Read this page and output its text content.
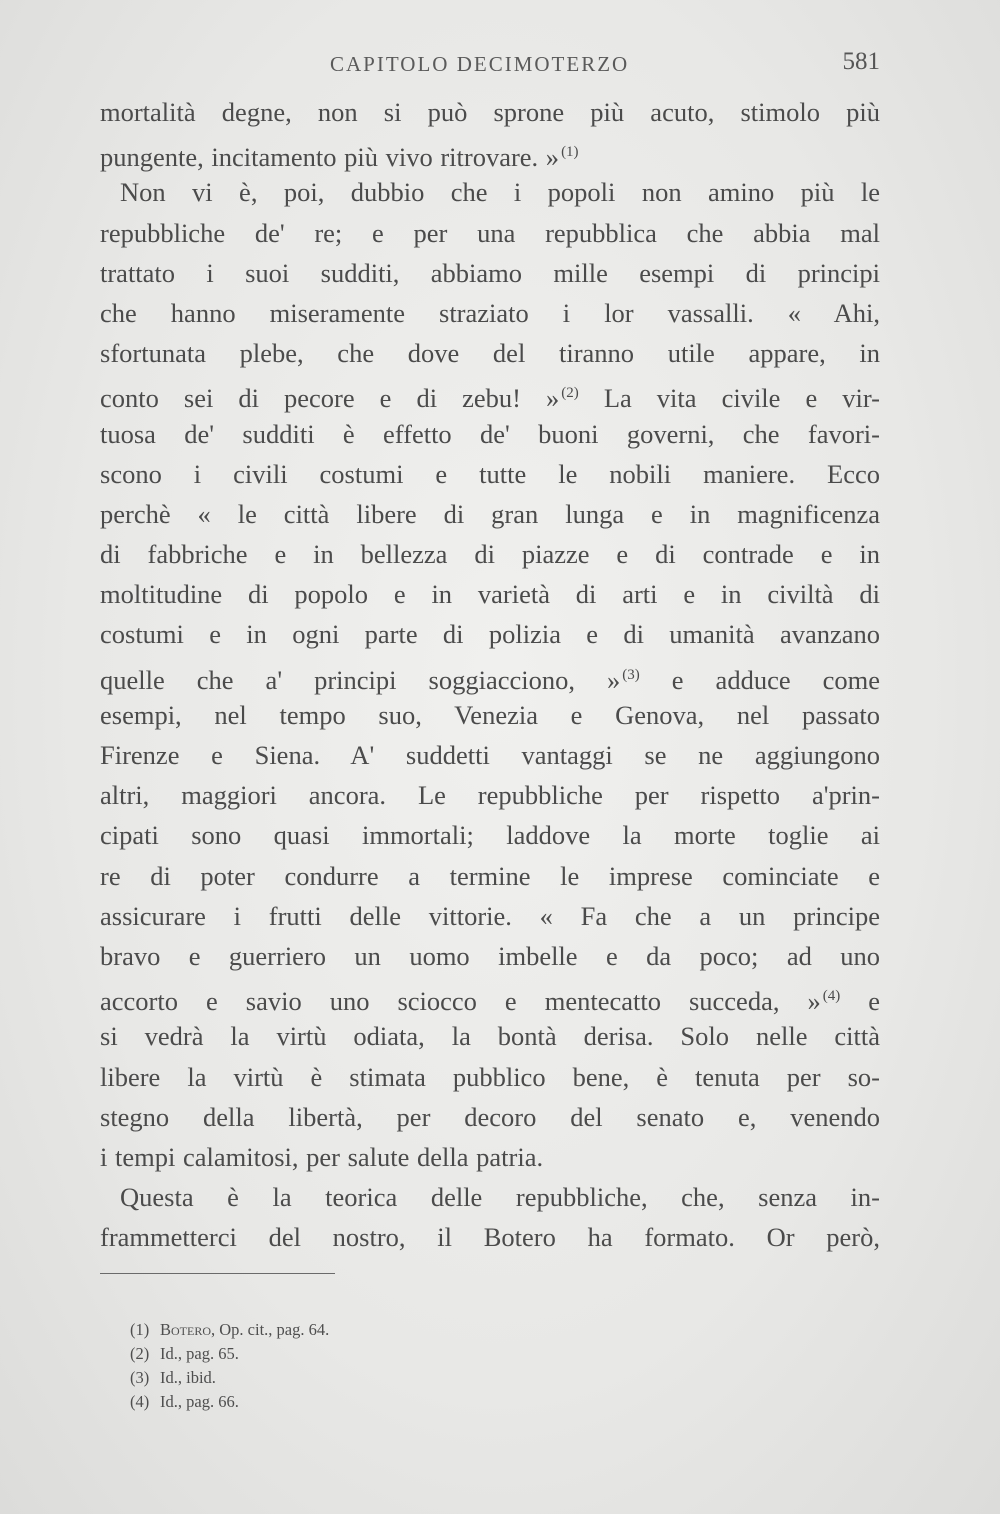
CAPITOLO DECIMOTERZO	581
mortalità degne, non si può sprone più acuto, stimolo più
pungente, incitamento più vivo ritrovare. » $^{(1)}$
Non vi è, poi, dubbio che i popoli non amino più le
repubbliche de' re; e per una repubblica che abbia mal
trattato i suoi sudditi, abbiamo mille esempi di principi
che hanno miseramente straziato i lor vassalli. « Ahi,
sfortunata plebe, che dove del tiranno utile appare, in
conto sei di pecore e di zebu! » $^{(2)}$ La vita civile e vir-
tuosa de' sudditi è effetto de' buoni governi, che favori-
scono i civili costumi e tutte le nobili maniere. Ecco
perchè « le città libere di gran lunga e in magnificenza
di fabbriche e in bellezza di piazze e di contrade e in
moltitudine di popolo e in varietà di arti e in civiltà di
costumi e in ogni parte di polizia e di umanità avanzano
quelle che a' principi soggiacciono, » $^{(3)}$ e adduce come
esempi, nel tempo suo, Venezia e Genova, nel passato
Firenze e Siena. A' suddetti vantaggi se ne aggiungono
altri, maggiori ancora. Le repubbliche per rispetto a'prin-
cipati sono quasi immortali; laddove la morte toglie ai
re di poter condurre a termine le imprese cominciate e
assicurare i frutti delle vittorie. « Fa che a un principe
bravo e guerriero un uomo imbelle e da poco; ad uno
accorto e savio uno sciocco e mentecatto succeda, » $^{(4)}$ e
si vedrà la virtù odiata, la bontà derisa. Solo nelle città
libere la virtù è stimata pubblico bene, è tenuta per so-
stegno della libertà, per decoro del senato e, venendo
i tempi calamitosi, per salute della patria.
Questa è la teorica delle repubbliche, che, senza in-
frammetterci del nostro, il Botero ha formato. Or però,
(1) Botero, Op. cit., pag. 64.
(2) Id., pag. 65.
(3) Id., ibid.
(4) Id., pag. 66.
